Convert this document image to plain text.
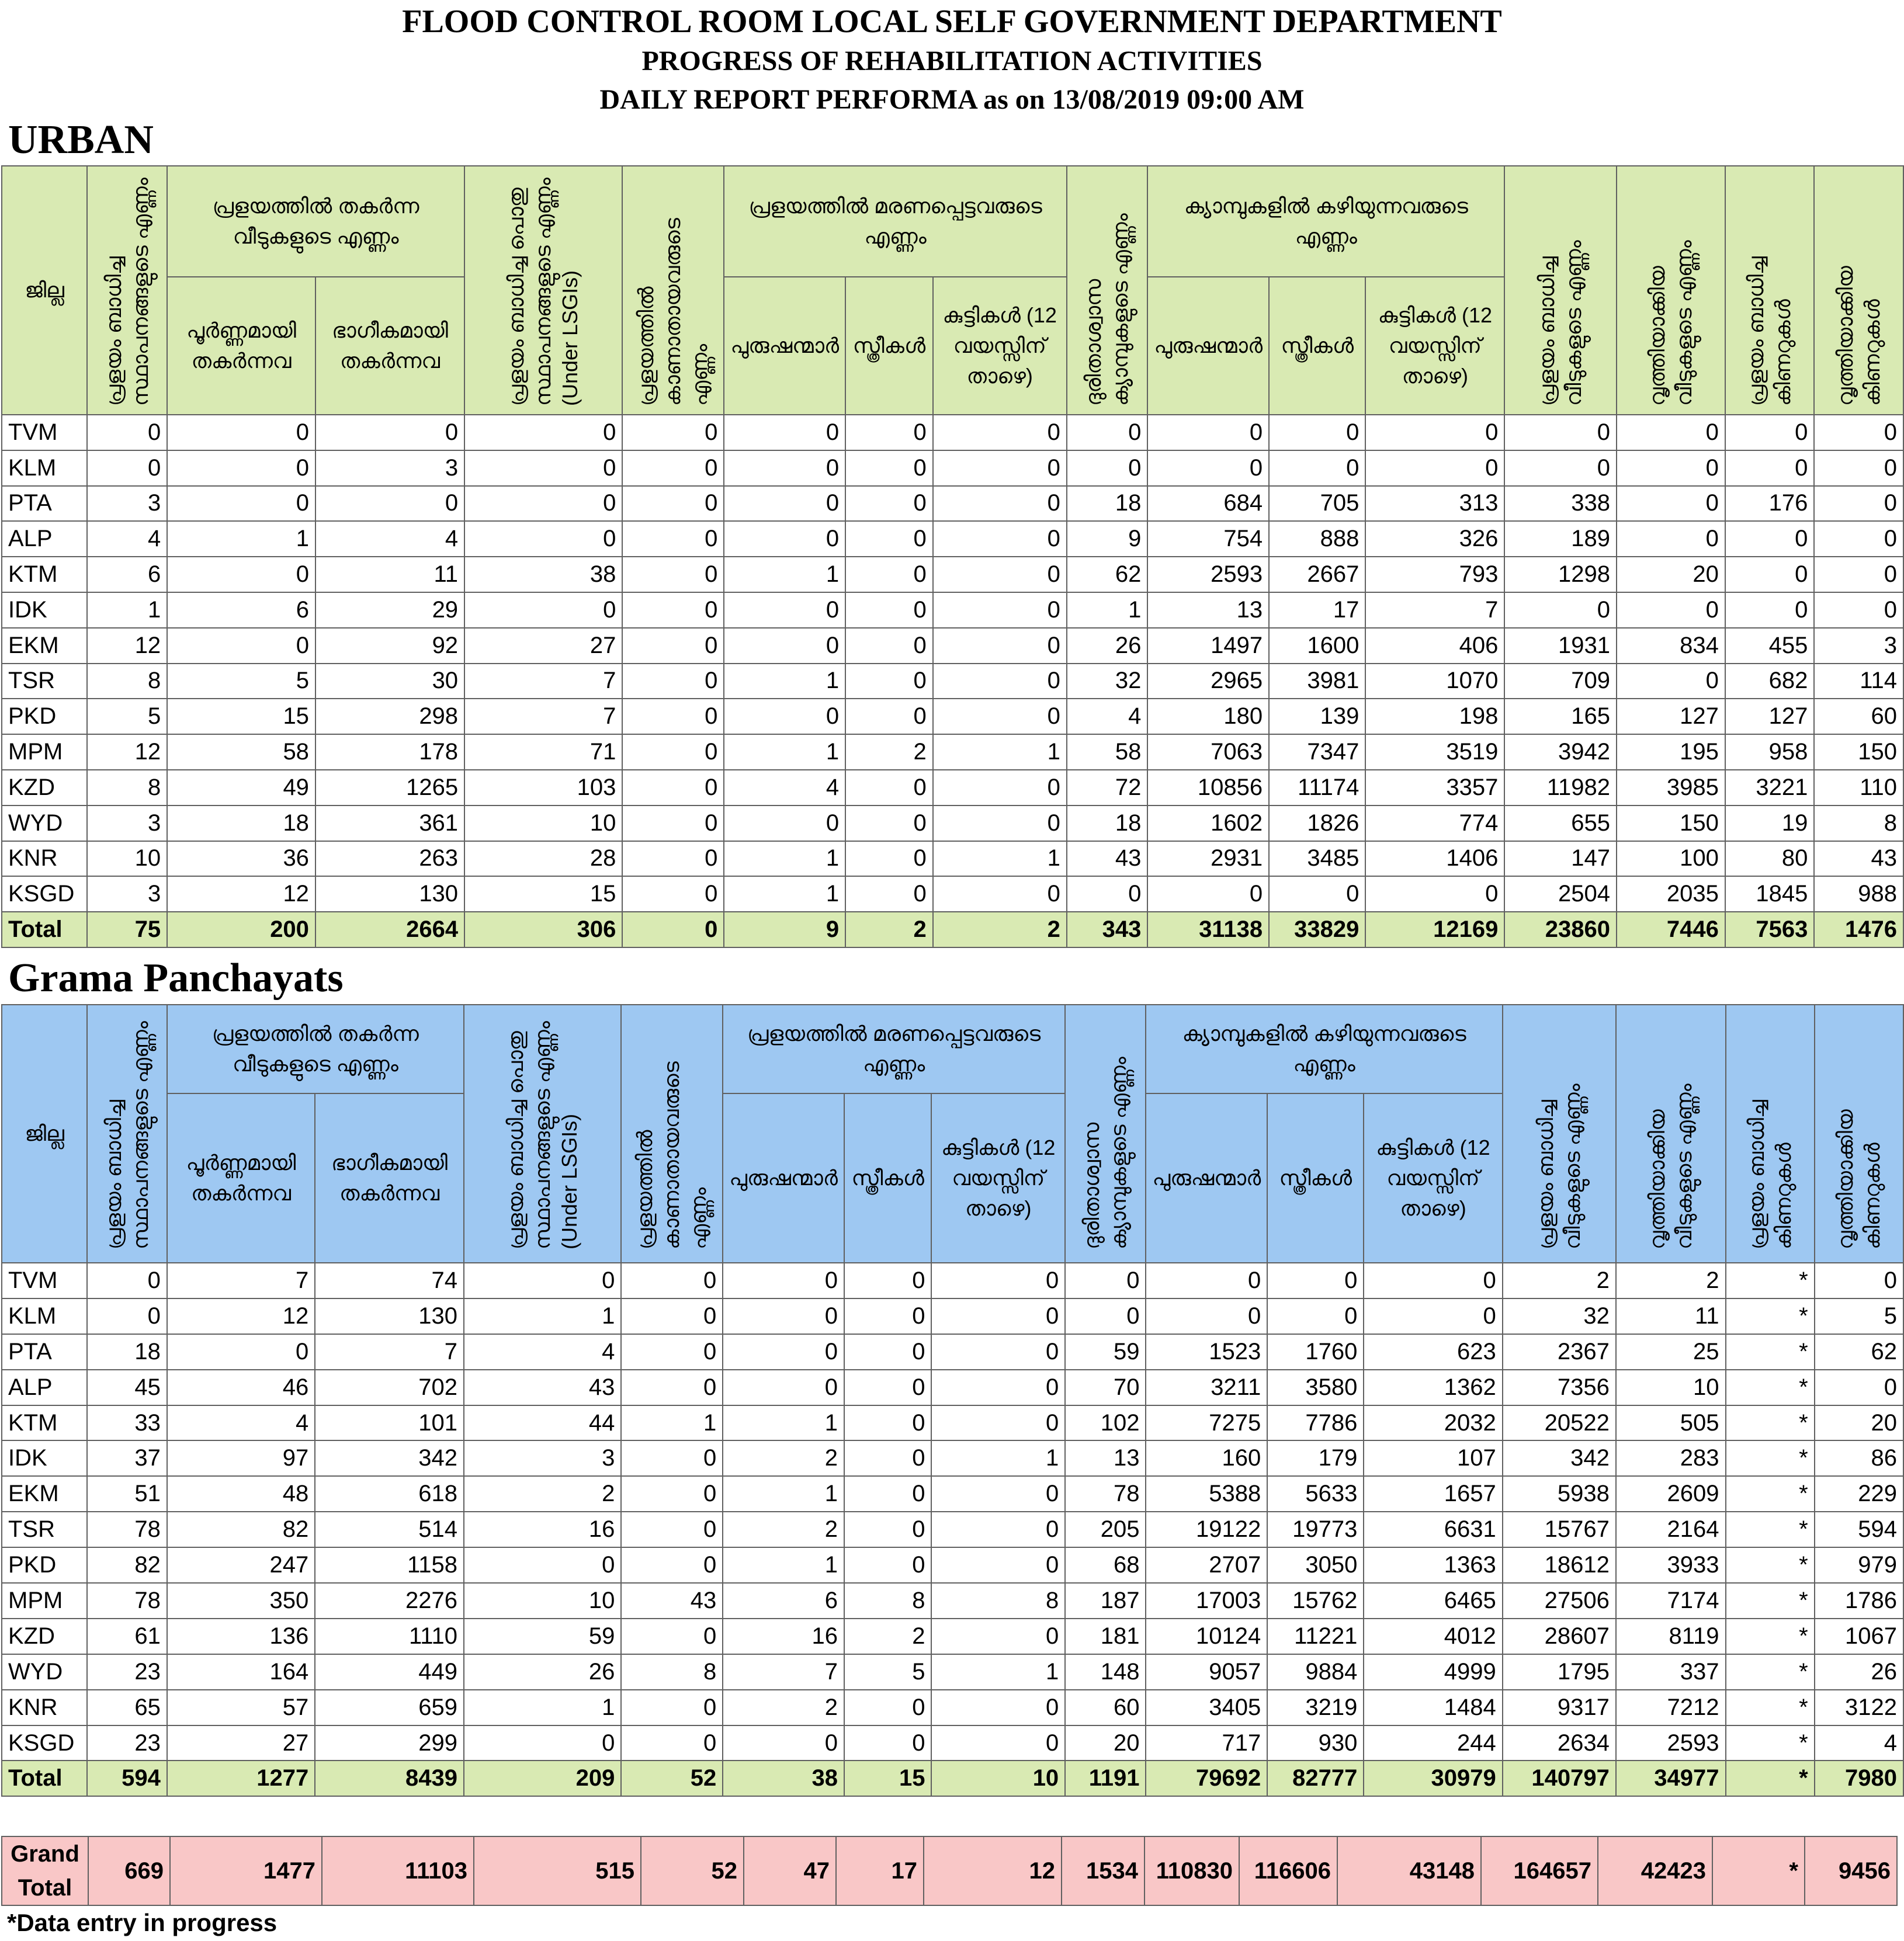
FLOOD CONTROL ROOM LOCAL SELF GOVERNMENT DEPARTMENT
PROGRESS OF REHABILITATION ACTIVITIES
DAILY REPORT PERFORMA as on 13/08/2019 09:00 AM
URBAN
ജില്ല	പ്രളയം ബാധിച്ച സ്ഥാപനങ്ങളുടെ എണ്ണം	പ്രളയത്തിൽ തകർന്ന വീടുകളുടെ എണ്ണം		പ്രളയം ബാധിച്ച പൊതു സ്ഥാപനങ്ങളുടെ എണ്ണം (Under LSGIs)	പ്രളയത്തിൽ കാണാതായവരുടെ എണ്ണം	പ്രളയത്തിൽ മരണപ്പെട്ടവരുടെ എണ്ണം			ദുരിതാശ്വാസ ക്യാമ്പുകളുടെ എണ്ണം	ക്യാമ്പുകളിൽ കഴിയുന്നവരുടെ എണ്ണം			പ്രളയം ബാധിച്ച വീടുകളുടെ എണ്ണം	വൃത്തിയാക്കിയ വീടുകളുടെ എണ്ണം	പ്രളയം ബാധിച്ച കിണറുകൾ	വൃത്തിയാക്കിയ കിണറുകൾ
		പൂർണ്ണമായി തകർന്നവ	ഭാഗീകമായി തകർന്നവ			പുരുഷന്മാർ	സ്ത്രീകൾ	കുട്ടികൾ (12 വയസ്സിന് താഴെ)		പുരുഷന്മാർ	സ്ത്രീകൾ	കുട്ടികൾ (12 വയസ്സിന് താഴെ)				
TVM	0	0	0	0	0	0	0	0	0	0	0	0	0	0	0	0
KLM	0	0	3	0	0	0	0	0	0	0	0	0	0	0	0	0
PTA	3	0	0	0	0	0	0	0	18	684	705	313	338	0	176	0
ALP	4	1	4	0	0	0	0	0	9	754	888	326	189	0	0	0
KTM	6	0	11	38	0	1	0	0	62	2593	2667	793	1298	20	0	0
IDK	1	6	29	0	0	0	0	0	1	13	17	7	0	0	0	0
EKM	12	0	92	27	0	0	0	0	26	1497	1600	406	1931	834	455	3
TSR	8	5	30	7	0	1	0	0	32	2965	3981	1070	709	0	682	114
PKD	5	15	298	7	0	0	0	0	4	180	139	198	165	127	127	60
MPM	12	58	178	71	0	1	2	1	58	7063	7347	3519	3942	195	958	150
KZD	8	49	1265	103	0	4	0	0	72	10856	11174	3357	11982	3985	3221	110
WYD	3	18	361	10	0	0	0	0	18	1602	1826	774	655	150	19	8
KNR	10	36	263	28	0	1	0	1	43	2931	3485	1406	147	100	80	43
KSGD	3	12	130	15	0	1	0	0	0	0	0	0	2504	2035	1845	988
Total	75	200	2664	306	0	9	2	2	343	31138	33829	12169	23860	7446	7563	1476
Grama Panchayats
ജില്ല	പ്രളയം ബാധിച്ച സ്ഥാപനങ്ങളുടെ എണ്ണം	പ്രളയത്തിൽ തകർന്ന വീടുകളുടെ എണ്ണം		പ്രളയം ബാധിച്ച പൊതു സ്ഥാപനങ്ങളുടെ എണ്ണം (Under LSGIs)	പ്രളയത്തിൽ കാണാതായവരുടെ എണ്ണം	പ്രളയത്തിൽ മരണപ്പെട്ടവരുടെ എണ്ണം			ദുരിതാശ്വാസ ക്യാമ്പുകളുടെ എണ്ണം	ക്യാമ്പുകളിൽ കഴിയുന്നവരുടെ എണ്ണം			പ്രളയം ബാധിച്ച വീടുകളുടെ എണ്ണം	വൃത്തിയാക്കിയ വീടുകളുടെ എണ്ണം	പ്രളയം ബാധിച്ച കിണറുകൾ	വൃത്തിയാക്കിയ കിണറുകൾ
		പൂർണ്ണമായി തകർന്നവ	ഭാഗീകമായി തകർന്നവ			പുരുഷന്മാർ	സ്ത്രീകൾ	കുട്ടികൾ (12 വയസ്സിന് താഴെ)		പുരുഷന്മാർ	സ്ത്രീകൾ	കുട്ടികൾ (12 വയസ്സിന് താഴെ)				
TVM	0	7	74	0	0	0	0	0	0	0	0	0	2	2	*	0
KLM	0	12	130	1	0	0	0	0	0	0	0	0	32	11	*	5
PTA	18	0	7	4	0	0	0	0	59	1523	1760	623	2367	25	*	62
ALP	45	46	702	43	0	0	0	0	70	3211	3580	1362	7356	10	*	0
KTM	33	4	101	44	1	1	0	0	102	7275	7786	2032	20522	505	*	20
IDK	37	97	342	3	0	2	0	1	13	160	179	107	342	283	*	86
EKM	51	48	618	2	0	1	0	0	78	5388	5633	1657	5938	2609	*	229
TSR	78	82	514	16	0	2	0	0	205	19122	19773	6631	15767	2164	*	594
PKD	82	247	1158	0	0	1	0	0	68	2707	3050	1363	18612	3933	*	979
MPM	78	350	2276	10	43	6	8	8	187	17003	15762	6465	27506	7174	*	1786
KZD	61	136	1110	59	0	16	2	0	181	10124	11221	4012	28607	8119	*	1067
WYD	23	164	449	26	8	7	5	1	148	9057	9884	4999	1795	337	*	26
KNR	65	57	659	1	0	2	0	0	60	3405	3219	1484	9317	7212	*	3122
KSGD	23	27	299	0	0	0	0	0	20	717	930	244	2634	2593	*	4
Total	594	1277	8439	209	52	38	15	10	1191	79692	82777	30979	140797	34977	*	7980
Grand Total	669	1477	11103	515	52	47	17	12	1534	110830	116606	43148	164657	42423	*	9456
*Data entry in progress
